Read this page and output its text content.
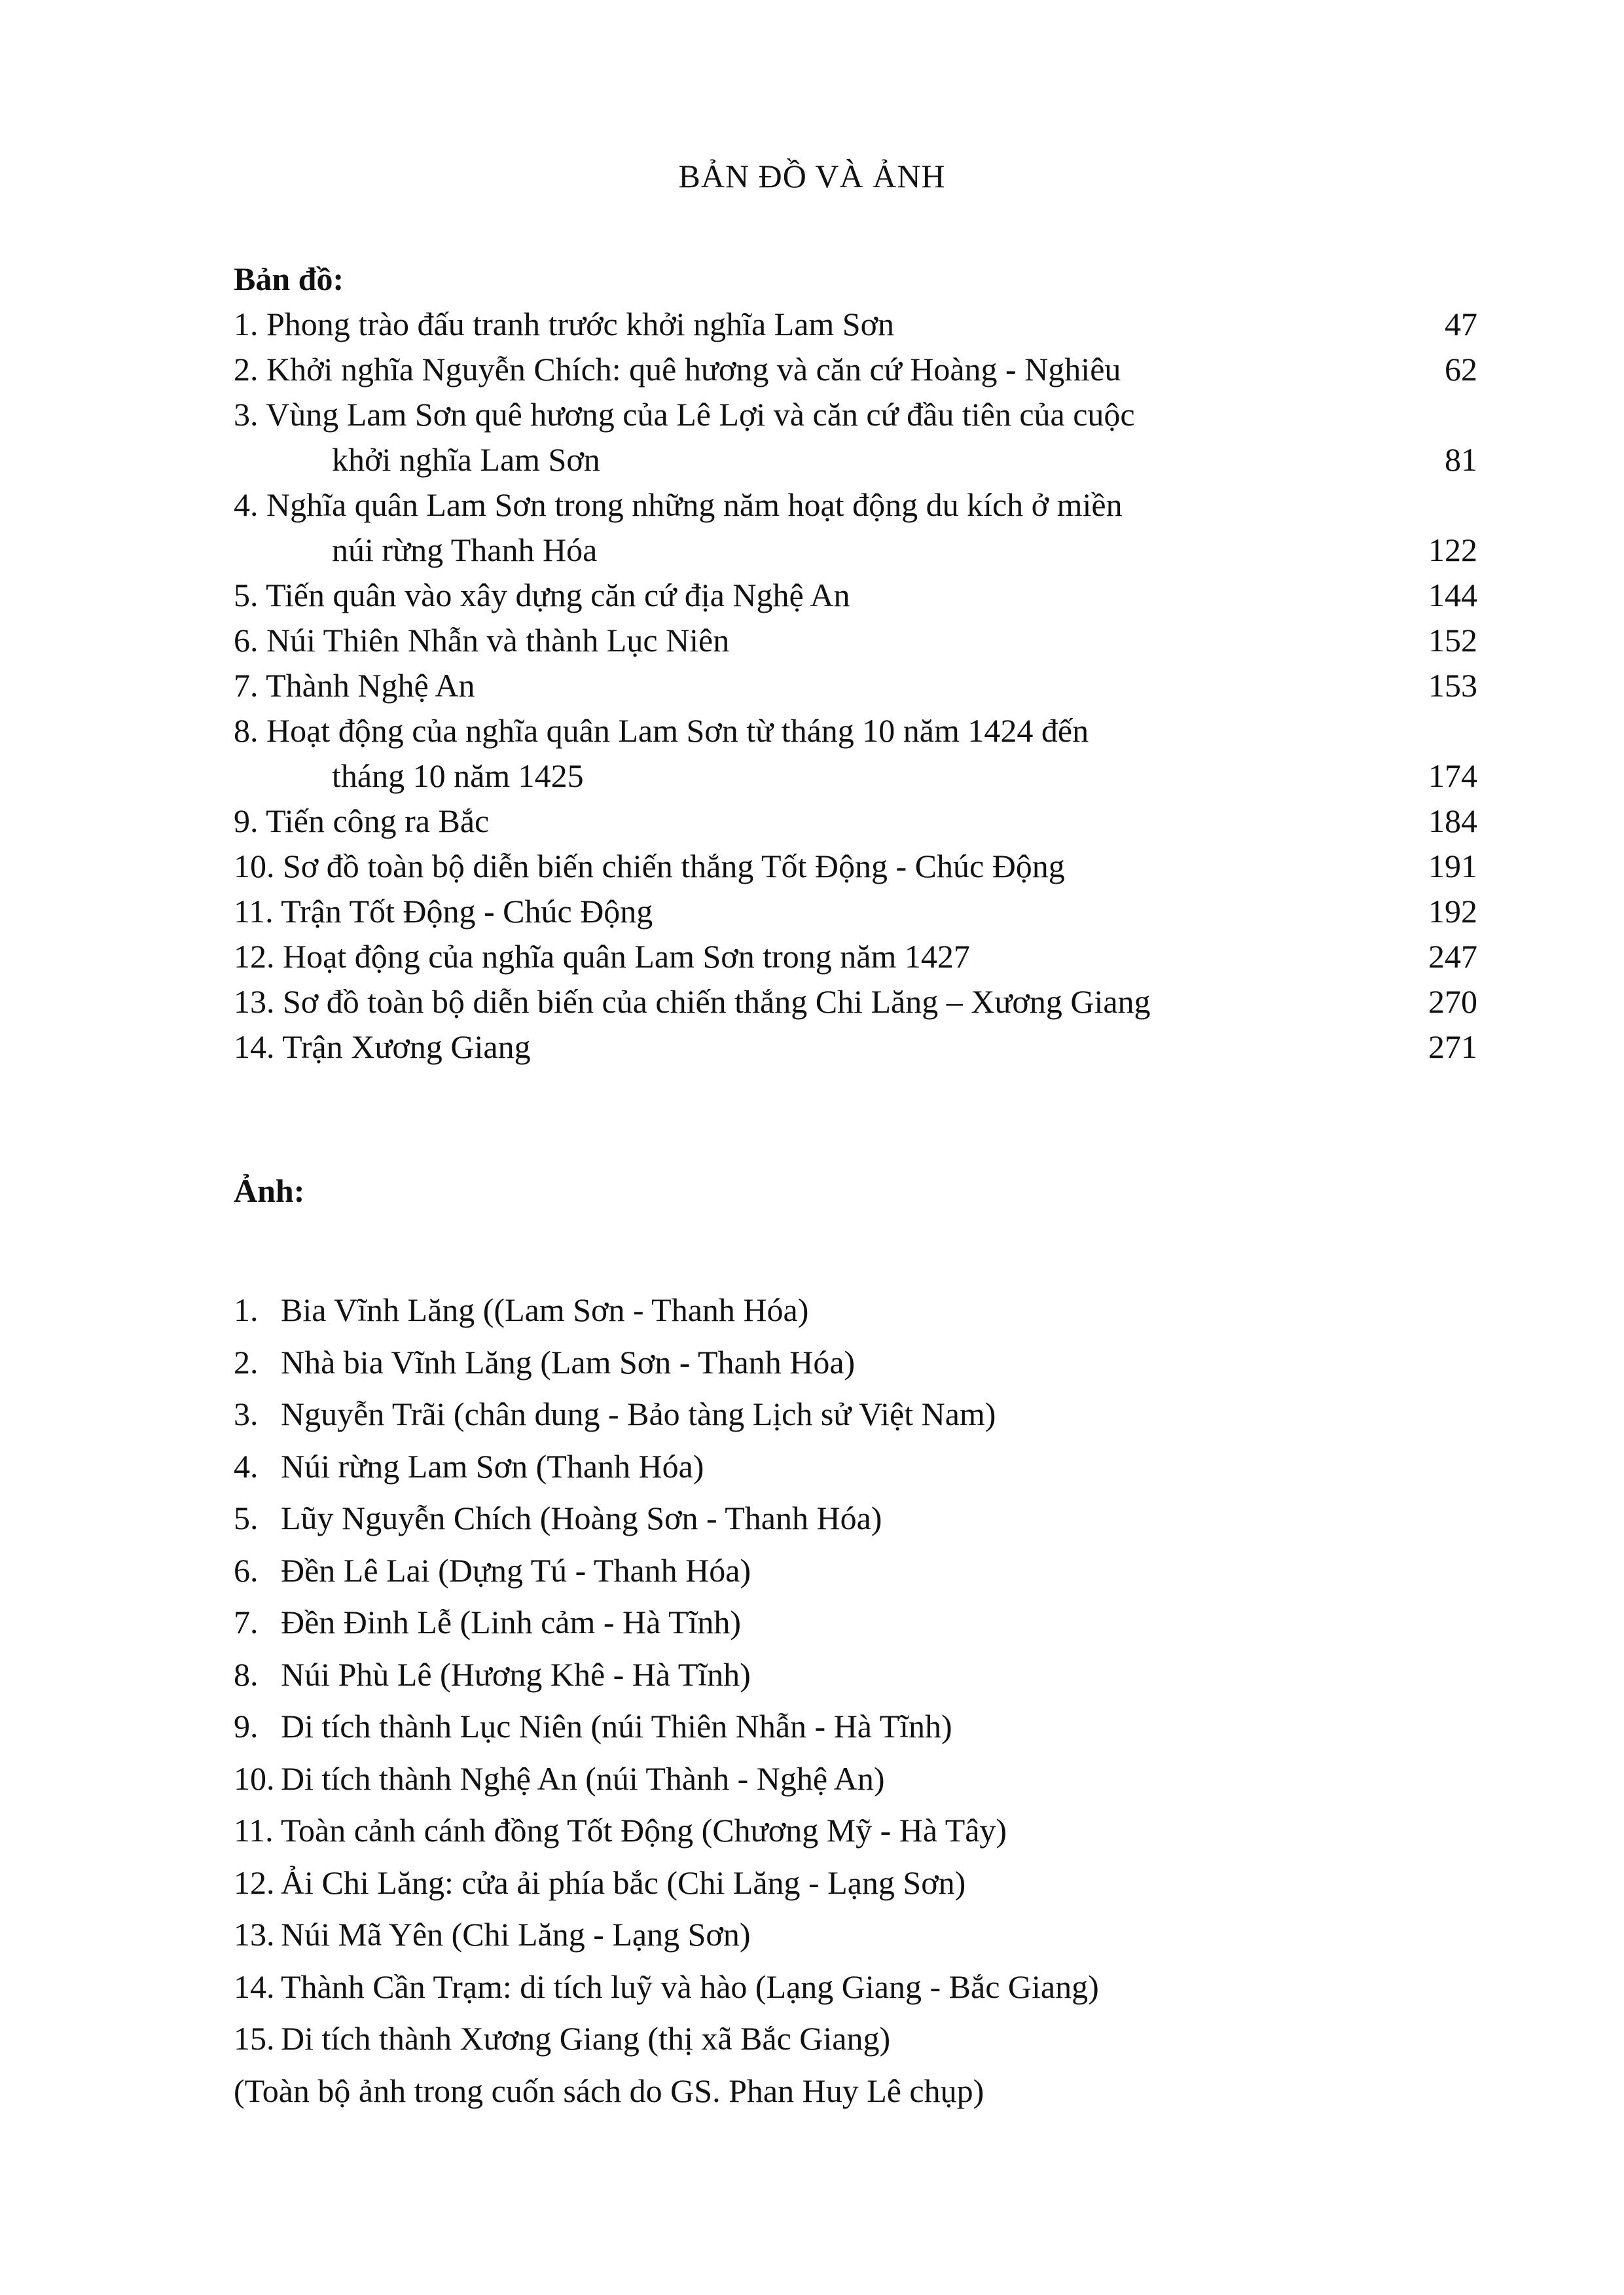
BẢN ĐỒ VÀ ẢNH
Bản đồ:
1. Phong trào đấu tranh trước khởi nghĩa Lam Sơn	47
2. Khởi nghĩa Nguyễn Chích: quê hương và căn cứ Hoàng - Nghiêu	62
3. Vùng Lam Sơn quê hương của Lê Lợi và căn cứ đầu tiên của cuộc
khởi nghĩa Lam Sơn	81
4. Nghĩa quân Lam Sơn trong những năm hoạt động du kích ở miền
núi rừng Thanh Hóa	122
5. Tiến quân vào xây dựng căn cứ địa Nghệ An	144
6. Núi Thiên Nhẫn và thành Lục Niên	152
7. Thành Nghệ An	153
8. Hoạt động của nghĩa quân Lam Sơn từ tháng 10 năm 1424 đến
tháng 10 năm 1425	174
9. Tiến công ra Bắc	184
10. Sơ đồ toàn bộ diễn biến chiến thắng Tốt Động - Chúc Động	191
11. Trận Tốt Động - Chúc Động	192
12. Hoạt động của nghĩa quân Lam Sơn trong năm 1427	247
13. Sơ đồ toàn bộ diễn biến của chiến thắng Chi Lăng – Xương Giang	270
14. Trận Xương Giang	271
Ảnh:
1. Bia Vĩnh Lăng ((Lam Sơn - Thanh Hóa)
2. Nhà bia Vĩnh Lăng (Lam Sơn - Thanh Hóa)
3. Nguyễn Trãi (chân dung - Bảo tàng Lịch sử Việt Nam)
4. Núi rừng Lam Sơn (Thanh Hóa)
5. Lũy Nguyễn Chích (Hoàng Sơn - Thanh Hóa)
6. Đền Lê Lai (Dựng Tú - Thanh Hóa)
7. Đền Đinh Lễ (Linh cảm - Hà Tĩnh)
8. Núi Phù Lê (Hương Khê - Hà Tĩnh)
9. Di tích thành Lục Niên (núi Thiên Nhẫn - Hà Tĩnh)
10. Di tích thành Nghệ An (núi Thành - Nghệ An)
11. Toàn cảnh cánh đồng Tốt Động (Chương Mỹ - Hà Tây)
12. Ải Chi Lăng: cửa ải phía bắc (Chi Lăng - Lạng Sơn)
13. Núi Mã Yên (Chi Lăng - Lạng Sơn)
14. Thành Cần Trạm: di tích luỹ và hào (Lạng Giang - Bắc Giang)
15. Di tích thành Xương Giang (thị xã Bắc Giang)
(Toàn bộ ảnh trong cuốn sách do GS. Phan Huy Lê chụp)
